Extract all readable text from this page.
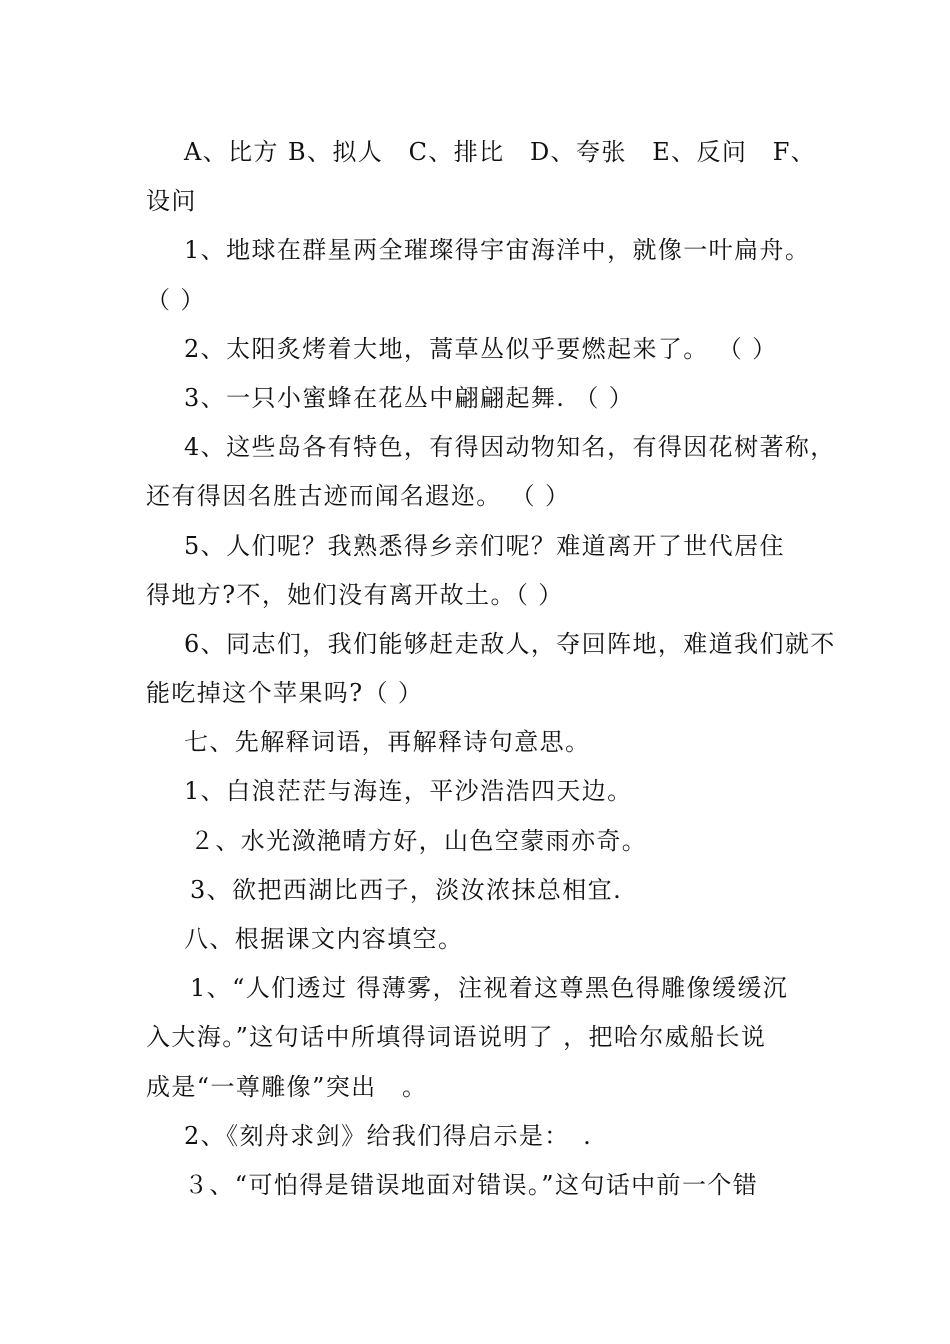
A、比方 B、拟人　C、排比　D、夸张　E、反问　F、
设问
1、地球在群星两全璀璨得宇宙海洋中，就像一叶扁舟。
（ ）
2、太阳炙烤着大地，蒿草丛似乎要燃起来了。 （ ）
3、一只小蜜蜂在花丛中翩翩起舞. （ ）
4、这些岛各有特色，有得因动物知名，有得因花树著称，
还有得因名胜古迹而闻名遐迩。 （ ）
5、人们呢？我熟悉得乡亲们呢？难道离开了世代居住
得地方?不，她们没有离开故土。（ ）
6、同志们，我们能够赶走敌人，夺回阵地，难道我们就不
能吃掉这个苹果吗?（ ）
七、先解释词语，再解释诗句意思。
1、白浪茫茫与海连，平沙浩浩四天边。
２、水光潋滟晴方好，山色空蒙雨亦奇。
3、欲把西湖比西子，淡汝浓抹总相宜.
八、根据课文内容填空。
1、“人们透过 得薄雾，注视着这尊黑色得雕像缓缓沉
入大海。”这句话中所填得词语说明了 ，把哈尔威船长说
成是“一尊雕像”突出　。
2、《刻舟求剑》给我们得启示是：　.
３、“可怕得是错误地面对错误。”这句话中前一个错
